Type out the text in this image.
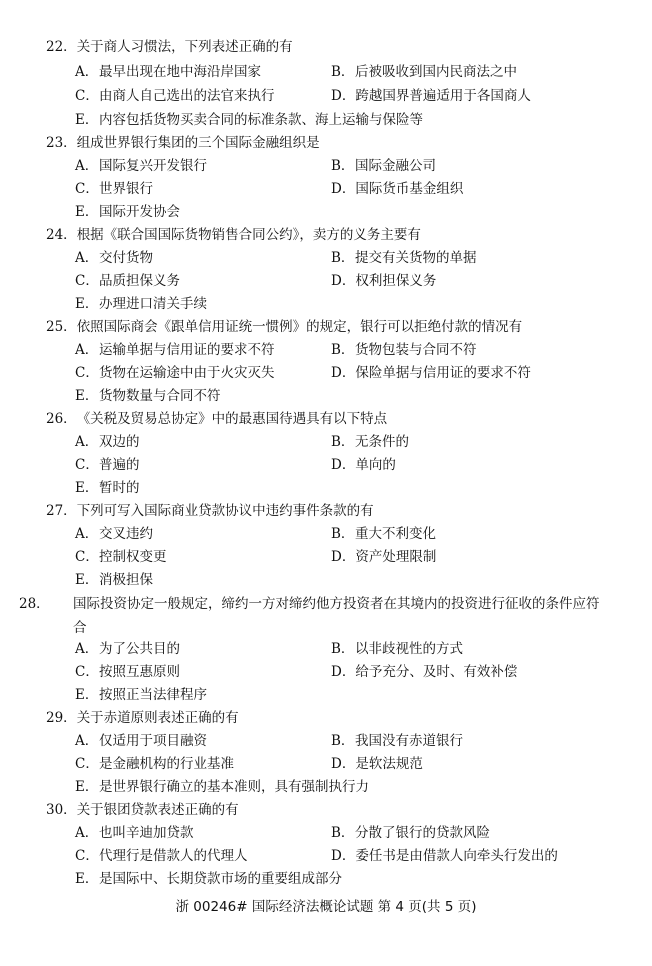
22．关于商人习惯法，下列表述正确的有
A．最早出现在地中海沿岸国家	B．后被吸收到国内民商法之中
C．由商人自己选出的法官来执行	D．跨越国界普遍适用于各国商人
E．内容包括货物买卖合同的标准条款、海上运输与保险等
23．组成世界银行集团的三个国际金融组织是
A．国际复兴开发银行	B．国际金融公司
C．世界银行	D．国际货币基金组织
E．国际开发协会
24．根据《联合国国际货物销售合同公约》，卖方的义务主要有
A．交付货物	B．提交有关货物的单据
C．品质担保义务	D．权利担保义务
E．办理进口清关手续
25．依照国际商会《跟单信用证统一惯例》的规定，银行可以拒绝付款的情况有
A．运输单据与信用证的要求不符	B．货物包装与合同不符
C．货物在运输途中由于火灾灭失	D．保险单据与信用证的要求不符
E．货物数量与合同不符
26．《关税及贸易总协定》中的最惠国待遇具有以下特点
A．双边的	B．无条件的
C．普遍的	D．单向的
E．暂时的
27．下列可写入国际商业贷款协议中违约事件条款的有
A．交叉违约	B．重大不利变化
C．控制权变更	D．资产处理限制
E．消极担保
28． 国际投资协定一般规定，缔约一方对缔约他方投资者在其境内的投资进行征收的条件应符合
A．为了公共目的	B．以非歧视性的方式
C．按照互惠原则	D．给予充分、及时、有效补偿
E．按照正当法律程序
29．关于赤道原则表述正确的有
A．仅适用于项目融资	B．我国没有赤道银行
C．是金融机构的行业基准	D．是软法规范
E．是世界银行确立的基本准则，具有强制执行力
30．关于银团贷款表述正确的有
A．也叫辛迪加贷款	B．分散了银行的贷款风险
C．代理行是借款人的代理人	D．委任书是由借款人向牵头行发出的
E．是国际中、长期贷款市场的重要组成部分
浙 00246# 国际经济法概论试题 第 4 页(共 5 页)
